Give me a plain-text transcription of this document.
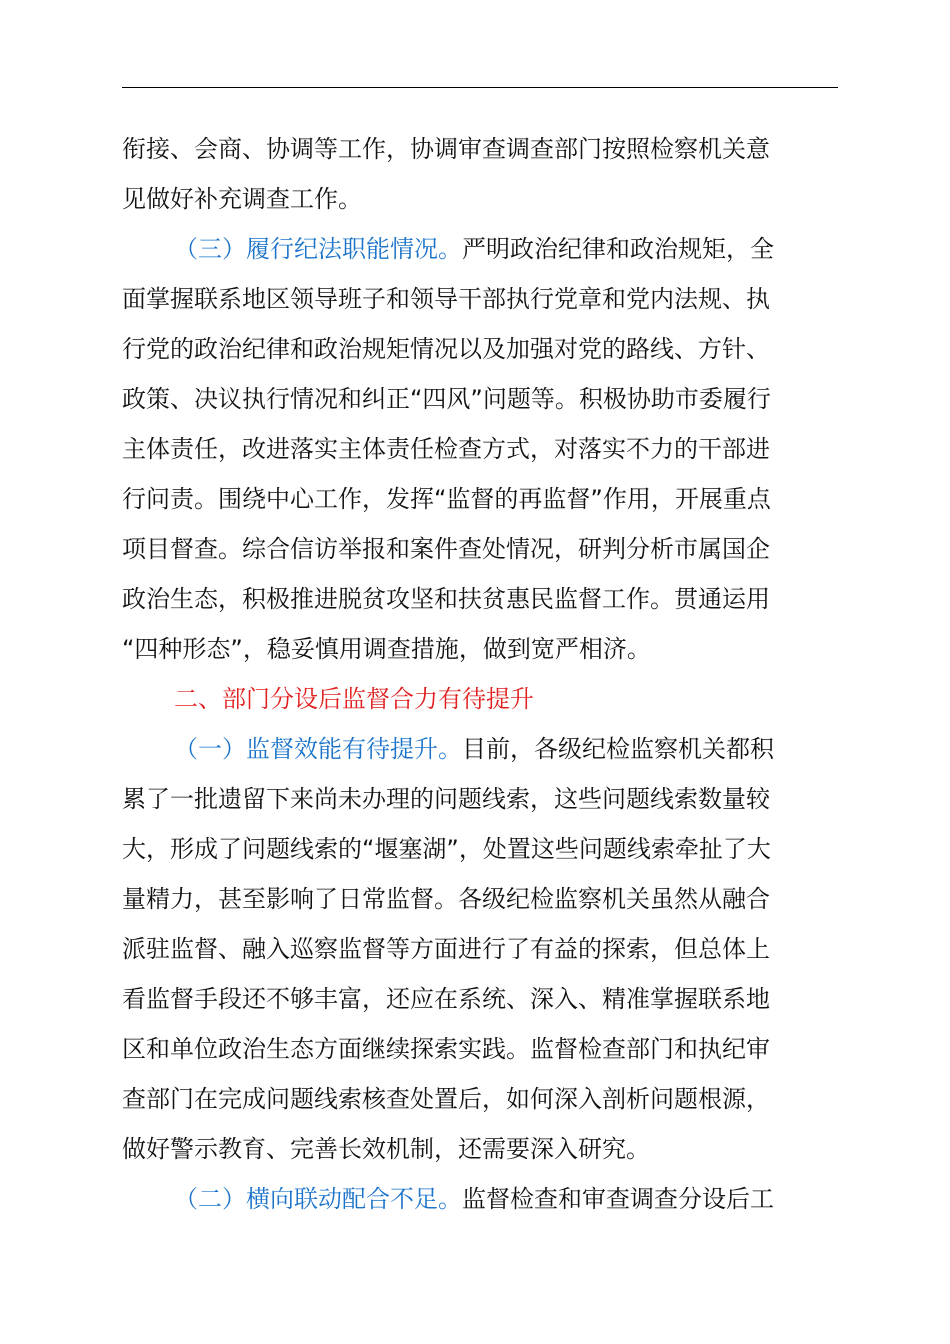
衔接、会商、协调等工作，协调审查调查部门按照检察机关意
见做好补充调查工作。
（三）履行纪法职能情况。严明政治纪律和政治规矩，全
面掌握联系地区领导班子和领导干部执行党章和党内法规、执
行党的政治纪律和政治规矩情况以及加强对党的路线、方针、
政策、决议执行情况和纠正“四风”问题等。积极协助市委履行
主体责任，改进落实主体责任检查方式，对落实不力的干部进
行问责。围绕中心工作，发挥“监督的再监督”作用，开展重点
项目督查。综合信访举报和案件查处情况，研判分析市属国企
政治生态，积极推进脱贫攻坚和扶贫惠民监督工作。贯通运用
“四种形态”，稳妥慎用调查措施，做到宽严相济。
二、部门分设后监督合力有待提升
（一）监督效能有待提升。目前，各级纪检监察机关都积
累了一批遗留下来尚未办理的问题线索，这些问题线索数量较
大，形成了问题线索的“堰塞湖”，处置这些问题线索牵扯了大
量精力，甚至影响了日常监督。各级纪检监察机关虽然从融合
派驻监督、融入巡察监督等方面进行了有益的探索，但总体上
看监督手段还不够丰富，还应在系统、深入、精准掌握联系地
区和单位政治生态方面继续探索实践。监督检查部门和执纪审
查部门在完成问题线索核查处置后，如何深入剖析问题根源，
做好警示教育、完善长效机制，还需要深入研究。
（二）横向联动配合不足。监督检查和审查调查分设后工
